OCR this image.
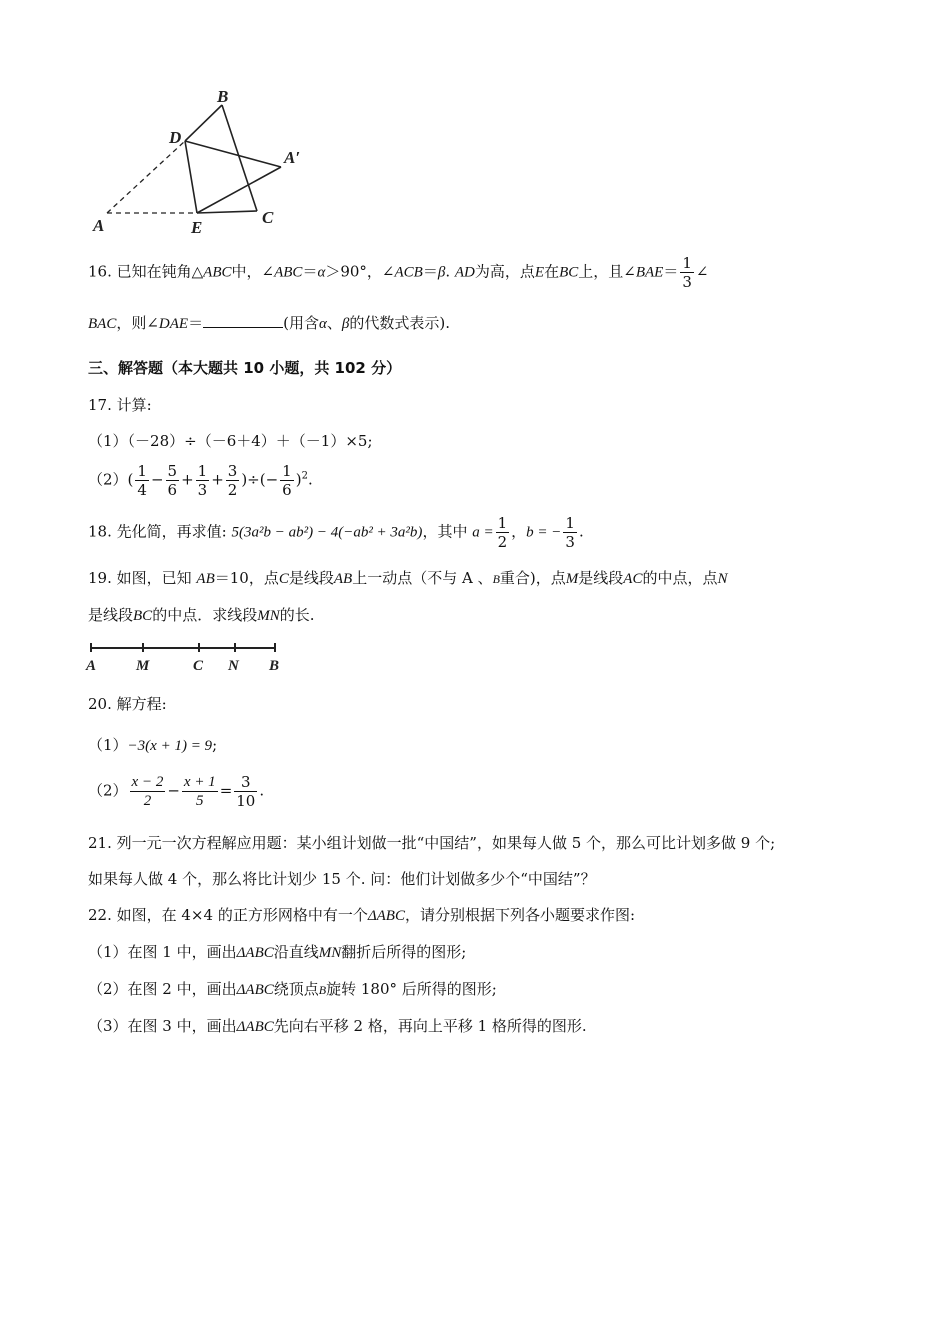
B
D
A′
A	E
C
16. 已知在钝角△ABC中，∠ABC＝α＞90°，∠ACB＝β. AD为高，点E在BC上，且∠BAE＝ $\frac{1}{3}$ ∠
BAC，则∠DAE＝	(用含α、β的代数式表示).
三、解答题（本大题共 10 小题，共 102 分）
17. 计算:
（1）（－28）÷（－6＋4）＋（－1）×5;
$(2)( \frac{1}{4} - \frac{5}{6} + \frac{1}{3} + \frac{3}{2}$ )÷(− $\frac{1}{6} )^2$.
18. 先化简，再求值: 5(3a²b − ab²) − 4(−ab² + 3a²b)，其中 $a = \frac{1}{2}$ ，b = − $\frac{1}{3}$ .
19. 如图，已知 AB＝10，点C是线段AB上一动点（不与 A 、B重合)，点M是线段AC的中点，点N
是线段BC的中点．求线段MN的长.
A	M	C N B
20. 解方程:
（1）−3(x + 1) = 9;
$(2) \frac{x - 2}{2} - \frac{x + 1}{5} = \frac{3}{10}$ .
21. 列一元一次方程解应用题：某小组计划做一批“中国结”，如果每人做 5 个，那么可比计划多做 9 个;
如果每人做 4 个，那么将比计划少 15 个. 问：他们计划做多少个“中国结”？
22. 如图，在 4×4 的正方形网格中有一个ΔABC，请分别根据下列各小题要求作图:
（1）在图 1 中，画出ΔABC沿直线MN翻折后所得的图形;
（2）在图 2 中，画出ΔABC绕顶点B旋转 180° 后所得的图形;
（3）在图 3 中，画出ΔABC先向右平移 2 格，再向上平移 1 格所得的图形.
